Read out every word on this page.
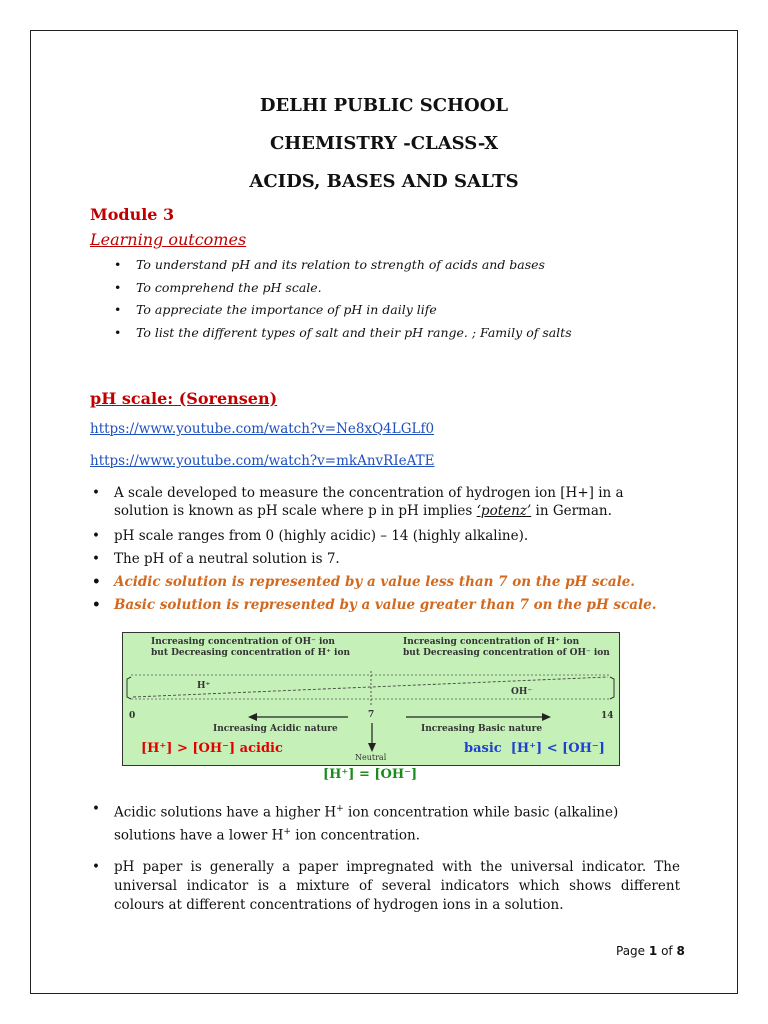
DELHI PUBLIC SCHOOL
CHEMISTRY -CLASS-X
ACIDS, BASES AND SALTS
Module 3
Learning outcomes
• To understand pH and its relation to strength of acids and bases
• To comprehend the pH scale.
• To appreciate the importance of pH in daily life
• To list the different types of salt and their pH range. ; Family of salts
pH scale: (Sorensen)
https://www.youtube.com/watch?v=Ne8xQ4LGLf0
https://www.youtube.com/watch?v=mkAnvRIeATE
• A scale developed to measure the concentration of hydrogen ion [H+] in a solution is known as pH scale where p in pH implies ‘potenz’ in German.
• pH scale ranges from 0 (highly acidic) – 14 (highly alkaline).
• The pH of a neutral solution is 7.
• Acidic solution is represented by a value less than 7 on the pH scale.
• Basic solution is represented by a value greater than 7 on the pH scale.
Increasing concentration of OH⁻ ion
but Decreasing concentration of H⁺ ion
Increasing concentration of H⁺ ion
but Decreasing concentration of OH⁻ ion
H⁺
OH⁻
0	7	14
Increasing Acidic nature	Increasing Basic nature
Neutral
[H⁺] > [OH⁻] acidic	basic [H⁺] < [OH⁻]
[H⁺] = [OH⁻]
• Acidic solutions have a higher H+ ion concentration while basic (alkaline) solutions have a lower H+ ion concentration.
• pH paper is generally a paper impregnated with the universal indicator. The universal indicator is a mixture of several indicators which shows different colours at different concentrations of hydrogen ions in a solution.
Page 1 of 8
